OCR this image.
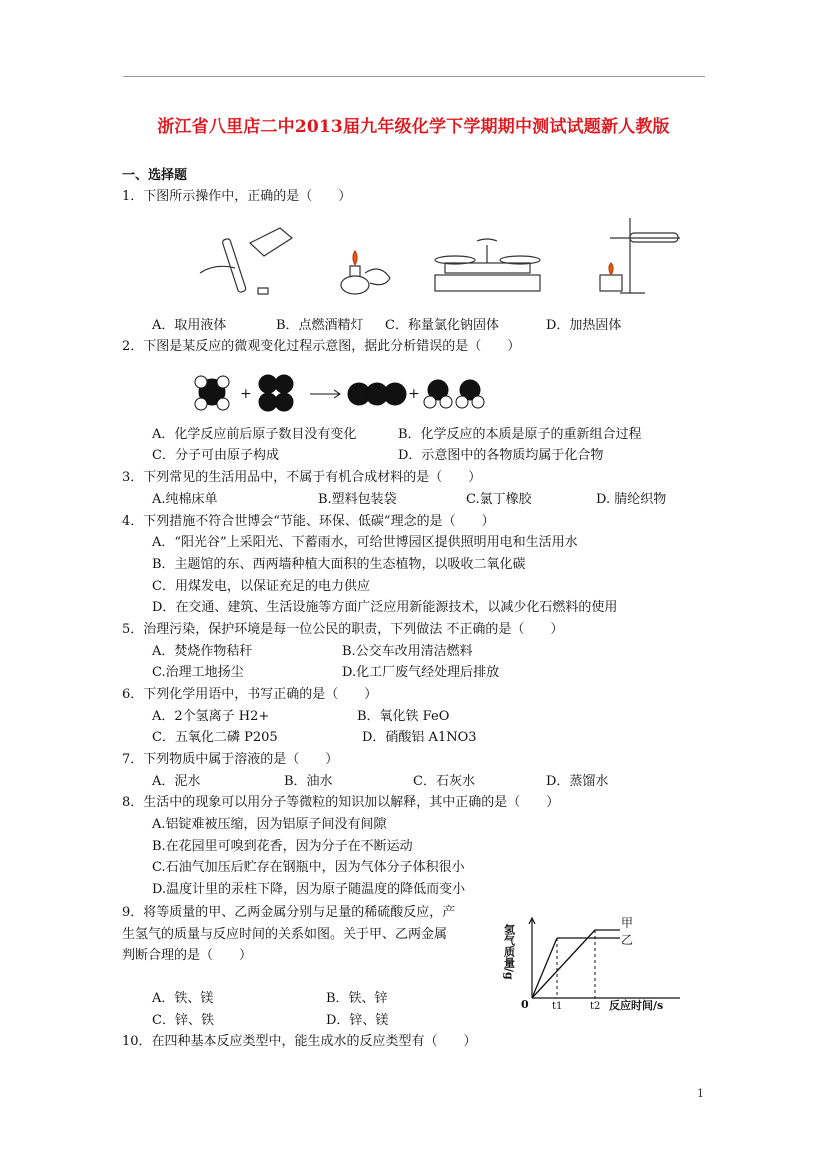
浙江省八里店二中2013届九年级化学下学期期中测试试题新人教版
一、选择题
1．下图所示操作中，正确的是（　　）
A．取用液体	B．点燃酒精灯 C．称量氯化钠固体	D．加热固体
2．下图是某反应的微观变化过程示意图，据此分析错误的是（　　）
+	+
A．化学反应前后原子数目没有变化	B．化学反应的本质是原子的重新组合过程
C．分子可由原子构成	D．示意图中的各物质均属于化合物
3．下列常见的生活用品中，不属于有机合成材料的是（　　）
A.纯棉床单	B.塑料包装袋	C.氯丁橡胶	D. 腈纶织物
4．下列措施不符合世博会“节能、环保、低碳”理念的是（　　）
A．“阳光谷”上采阳光、下蓄雨水，可给世博园区提供照明用电和生活用水
B．主题馆的东、西两墙种植大面积的生态植物，以吸收二氧化碳
C．用煤发电，以保证充足的电力供应
D．在交通、建筑、生活设施等方面广泛应用新能源技术，以减少化石燃料的使用
5．治理污染，保护环境是每一位公民的职责，下列做法 不正确的是（　　）
A．焚烧作物秸秆	B.公交车改用清洁燃料
C.治理工地扬尘	D.化工厂废气经处理后排放
6．下列化学用语中，书写正确的是（　　）
A．2个氢离子 H2+	B．氧化铁 FeO
C．五氧化二磷 P205	D．硝酸铝 A1NO3
7．下列物质中属于溶液的是（　　）
A．泥水	B．油水	C．石灰水	D．蒸馏水
8．生活中的现象可以用分子等微粒的知识加以解释，其中正确的是（　　）
A.铝锭难被压缩，因为铝原子间没有间隙
B.在花园里可嗅到花香，因为分子在不断运动
C.石油气加压后贮存在钢瓶中，因为气体分子体积很小
D.温度计里的汞柱下降，因为原子随温度的降低而变小
9．将等质量的甲、乙两金属分别与足量的稀硫酸反应，产
生氢气的质量与反应时间的关系如图。关于甲、乙两金属
判断合理的是（　　）
A．铁、镁	B．铁、锌
C．锌、铁	D．锌、镁
氢气质量/g
0
甲
乙
t1	t2 反应时间/s
10．在四种基本反应类型中，能生成水的反应类型有（　　）
1
